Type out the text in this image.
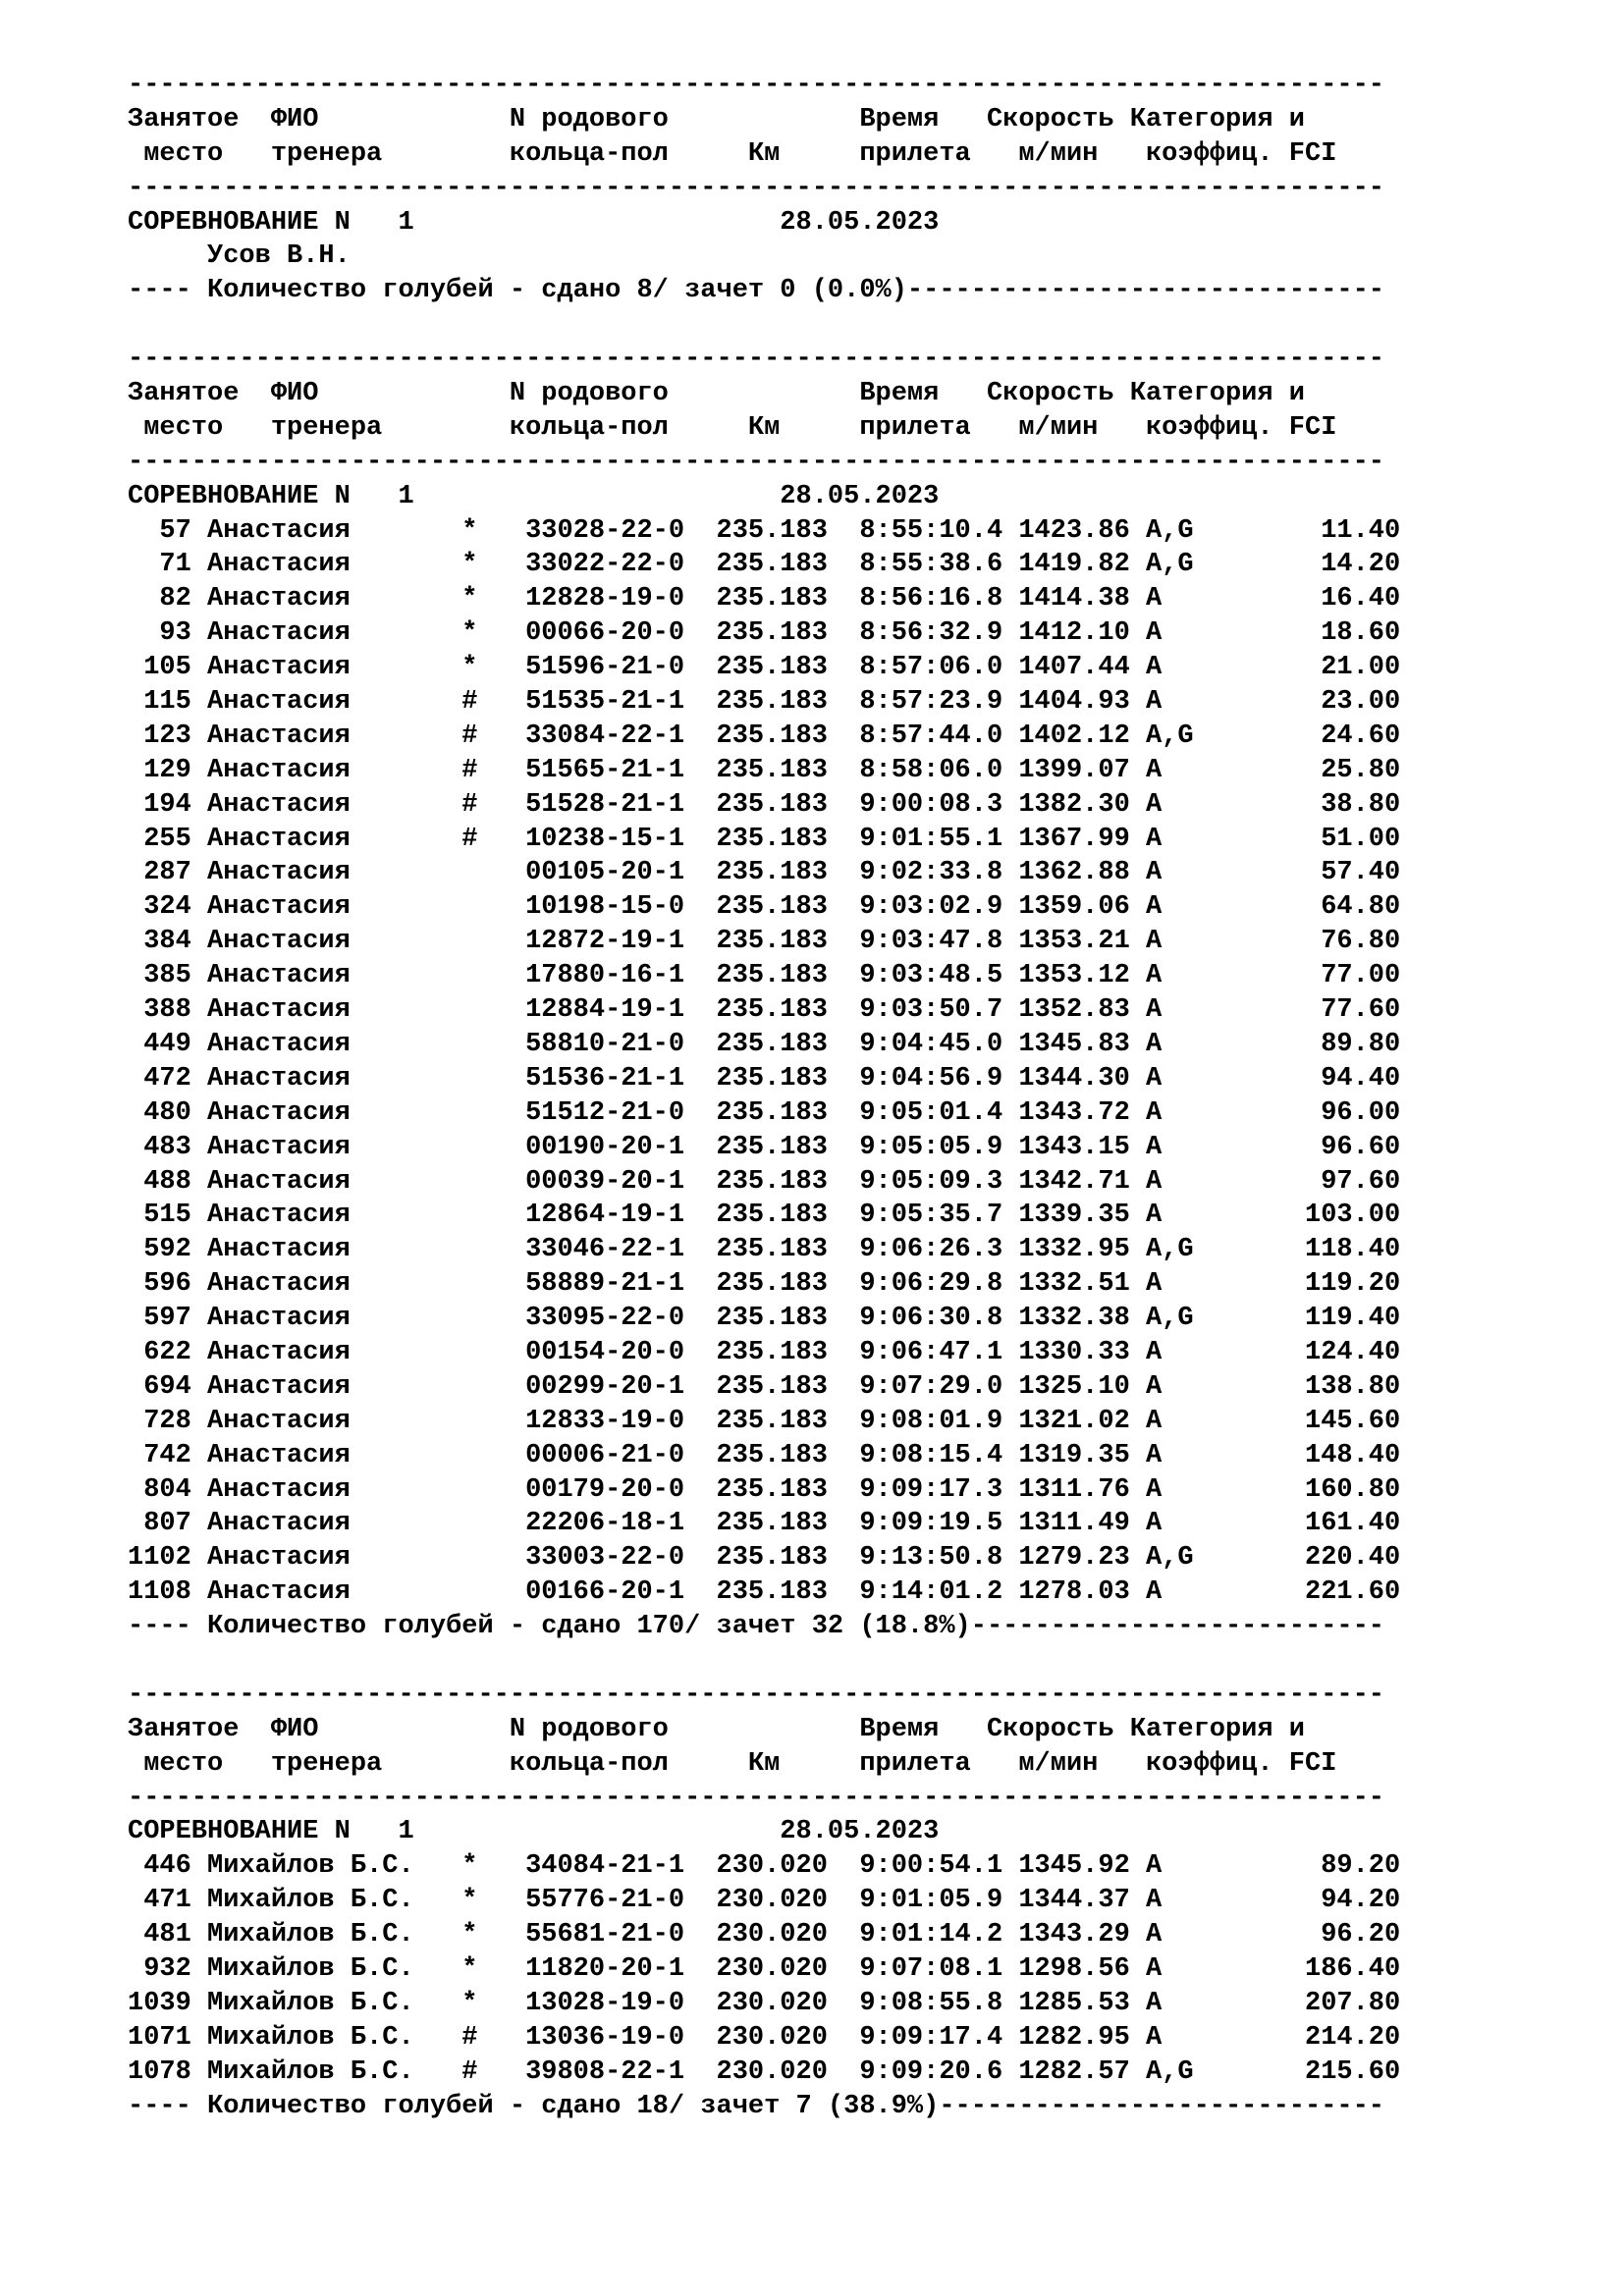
-------------------------------------------------------------------------------
Занятое  ФИО            N родового            Время   Скорость Категория и
место   тренера        кольца-пол     Км     прилета   м/мин   коэффиц. FCI
-------------------------------------------------------------------------------
СОРЕВНОВАНИЕ N   1                       28.05.2023
Усов В.Н.
---- Количество голубей - сдано 8/ зачет 0 (0.0%)------------------------------
-------------------------------------------------------------------------------
Занятое  ФИО            N родового            Время   Скорость Категория и
место   тренера        кольца-пол     Км     прилета   м/мин   коэффиц. FCI
-------------------------------------------------------------------------------
СОРЕВНОВАНИЕ N   1                       28.05.2023
57 Анастасия       *   33028-22-0  235.183  8:55:10.4 1423.86 A,G        11.40
71 Анастасия       *   33022-22-0  235.183  8:55:38.6 1419.82 A,G        14.20
82 Анастасия       *   12828-19-0  235.183  8:56:16.8 1414.38 A          16.40
93 Анастасия       *   00066-20-0  235.183  8:56:32.9 1412.10 A          18.60
105 Анастасия       *   51596-21-0  235.183  8:57:06.0 1407.44 A          21.00
115 Анастасия       #   51535-21-1  235.183  8:57:23.9 1404.93 A          23.00
123 Анастасия       #   33084-22-1  235.183  8:57:44.0 1402.12 A,G        24.60
129 Анастасия       #   51565-21-1  235.183  8:58:06.0 1399.07 A          25.80
194 Анастасия       #   51528-21-1  235.183  9:00:08.3 1382.30 A          38.80
255 Анастасия       #   10238-15-1  235.183  9:01:55.1 1367.99 A          51.00
287 Анастасия           00105-20-1  235.183  9:02:33.8 1362.88 A          57.40
324 Анастасия           10198-15-0  235.183  9:03:02.9 1359.06 A          64.80
384 Анастасия           12872-19-1  235.183  9:03:47.8 1353.21 A          76.80
385 Анастасия           17880-16-1  235.183  9:03:48.5 1353.12 A          77.00
388 Анастасия           12884-19-1  235.183  9:03:50.7 1352.83 A          77.60
449 Анастасия           58810-21-0  235.183  9:04:45.0 1345.83 A          89.80
472 Анастасия           51536-21-1  235.183  9:04:56.9 1344.30 A          94.40
480 Анастасия           51512-21-0  235.183  9:05:01.4 1343.72 A          96.00
483 Анастасия           00190-20-1  235.183  9:05:05.9 1343.15 A          96.60
488 Анастасия           00039-20-1  235.183  9:05:09.3 1342.71 A          97.60
515 Анастасия           12864-19-1  235.183  9:05:35.7 1339.35 A         103.00
592 Анастасия           33046-22-1  235.183  9:06:26.3 1332.95 A,G       118.40
596 Анастасия           58889-21-1  235.183  9:06:29.8 1332.51 A         119.20
597 Анастасия           33095-22-0  235.183  9:06:30.8 1332.38 A,G       119.40
622 Анастасия           00154-20-0  235.183  9:06:47.1 1330.33 A         124.40
694 Анастасия           00299-20-1  235.183  9:07:29.0 1325.10 A         138.80
728 Анастасия           12833-19-0  235.183  9:08:01.9 1321.02 A         145.60
742 Анастасия           00006-21-0  235.183  9:08:15.4 1319.35 A         148.40
804 Анастасия           00179-20-0  235.183  9:09:17.3 1311.76 A         160.80
807 Анастасия           22206-18-1  235.183  9:09:19.5 1311.49 A         161.40
1102 Анастасия           33003-22-0  235.183  9:13:50.8 1279.23 A,G       220.40
1108 Анастасия           00166-20-1  235.183  9:14:01.2 1278.03 A         221.60
---- Количество голубей - сдано 170/ зачет 32 (18.8%)--------------------------
-------------------------------------------------------------------------------
Занятое  ФИО            N родового            Время   Скорость Категория и
место   тренера        кольца-пол     Км     прилета   м/мин   коэффиц. FCI
-------------------------------------------------------------------------------
СОРЕВНОВАНИЕ N   1                       28.05.2023
446 Михайлов Б.С.   *   34084-21-1  230.020  9:00:54.1 1345.92 A          89.20
471 Михайлов Б.С.   *   55776-21-0  230.020  9:01:05.9 1344.37 A          94.20
481 Михайлов Б.С.   *   55681-21-0  230.020  9:01:14.2 1343.29 A          96.20
932 Михайлов Б.С.   *   11820-20-1  230.020  9:07:08.1 1298.56 A         186.40
1039 Михайлов Б.С.   *   13028-19-0  230.020  9:08:55.8 1285.53 A         207.80
1071 Михайлов Б.С.   #   13036-19-0  230.020  9:09:17.4 1282.95 A         214.20
1078 Михайлов Б.С.   #   39808-22-1  230.020  9:09:20.6 1282.57 A,G       215.60
---- Количество голубей - сдано 18/ зачет 7 (38.9%)----------------------------
